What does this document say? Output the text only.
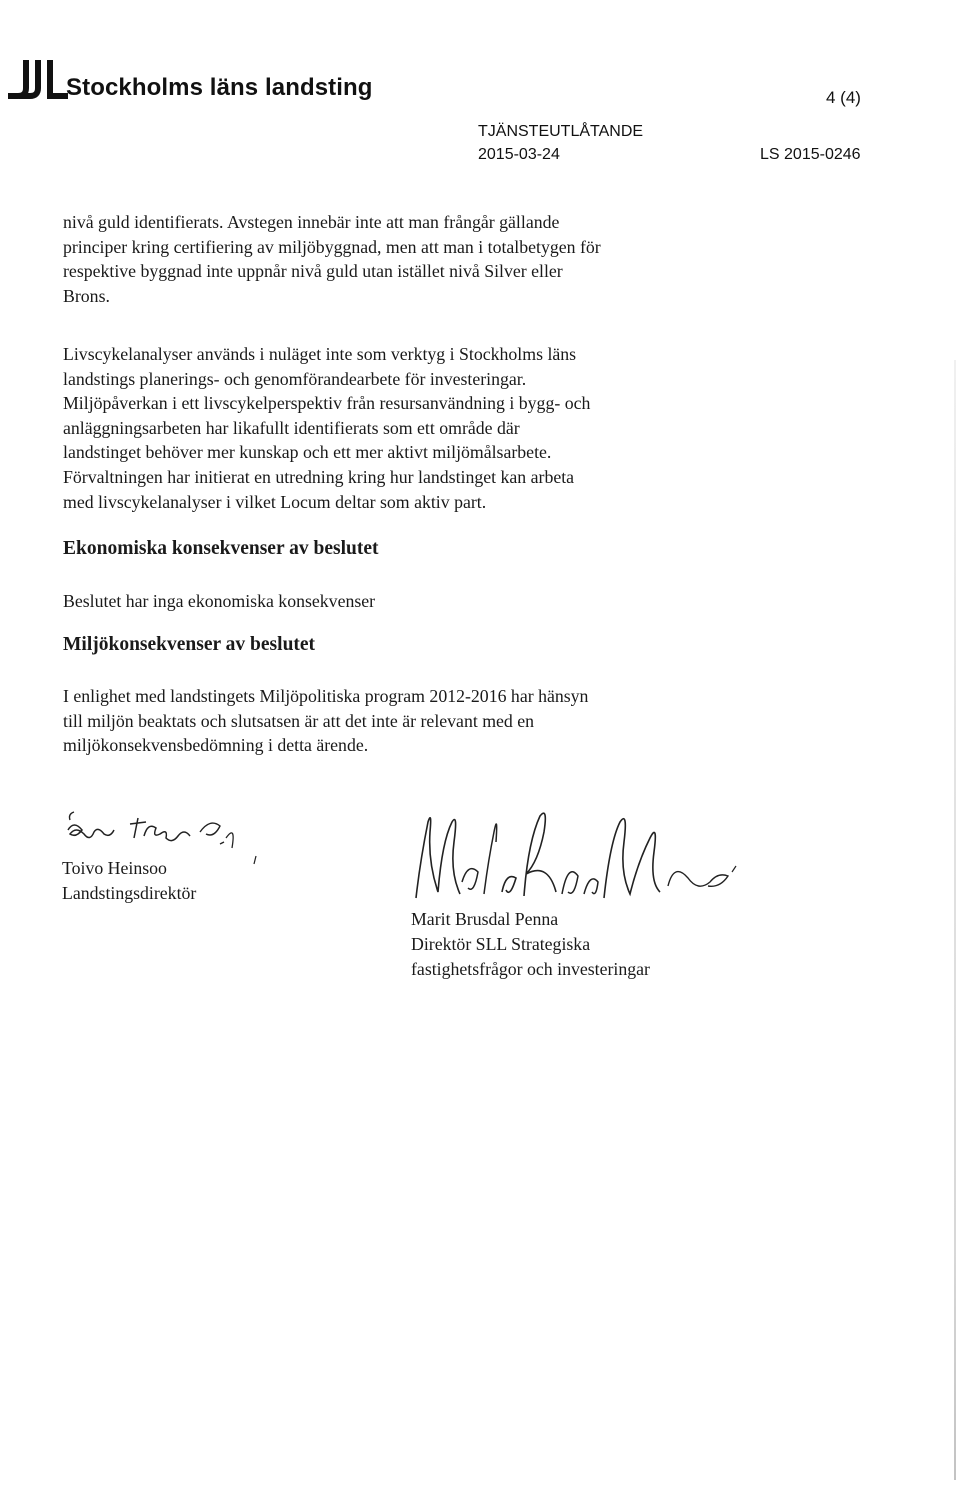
Stockholms läns landsting	4 (4)
TJÄNSTEUTLÅTANDE
2015-03-24	LS 2015-0246
nivå guld identifierats. Avstegen innebär inte att man frångår gällande
principer kring certifiering av miljöbyggnad, men att man i totalbetygen för
respektive byggnad inte uppnår nivå guld utan istället nivå Silver eller
Brons.
Livscykelanalyser används i nuläget inte som verktyg i Stockholms läns
landstings planerings- och genomförandearbete för investeringar.
Miljöpåverkan i ett livscykelperspektiv från resursanvändning i bygg- och
anläggningsarbeten har likafullt identifierats som ett område där
landstinget behöver mer kunskap och ett mer aktivt miljömålsarbete.
Förvaltningen har initierat en utredning kring hur landstinget kan arbeta
med livscykelanalyser i vilket Locum deltar som aktiv part.
Ekonomiska konsekvenser av beslutet
Beslutet har inga ekonomiska konsekvenser
Miljökonsekvenser av beslutet
I enlighet med landstingets Miljöpolitiska program 2012-2016 har hänsyn
till miljön beaktats och slutsatsen är att det inte är relevant med en
miljökonsekvensbedömning i detta ärende.
Toivo Heinsoo
Landstingsdirektör
Marit Brusdal Penna
Direktör SLL Strategiska
fastighetsfrågor och investeringar
